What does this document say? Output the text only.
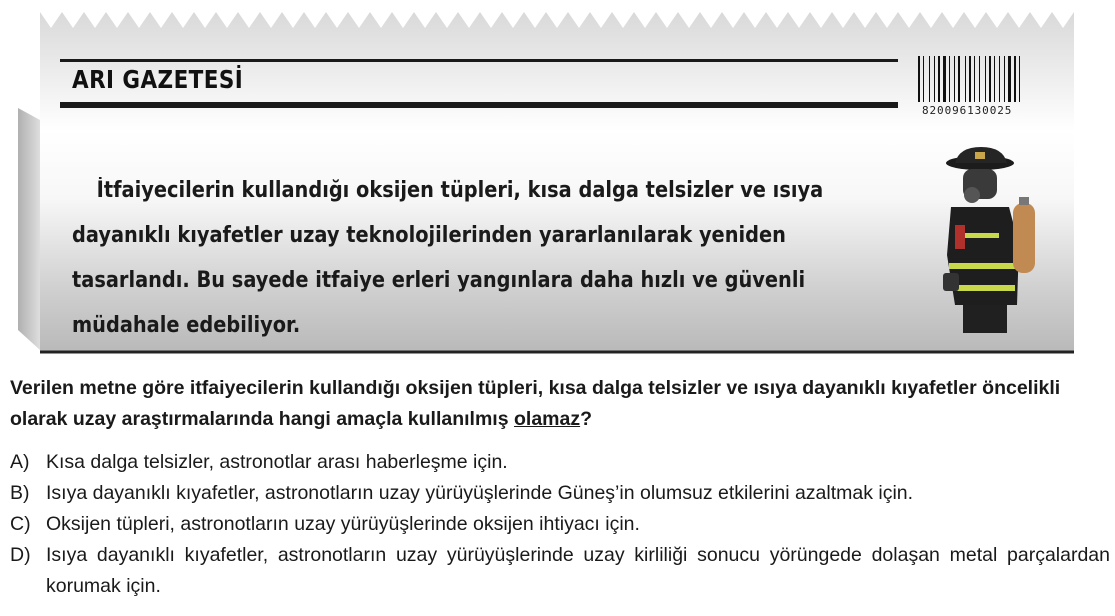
ARI GAZETESİ
820096130025

İtfaiyecilerin kullandığı oksijen tüpleri, kısa dalga telsizler ve ısıya dayanıklı kıyafetler uzay teknolojilerinden yararlanılarak yeniden tasarlandı. Bu sayede itfaiye erleri yangınlara daha hızlı ve güvenli müdahale edebiliyor.

Verilen metne göre itfaiyecilerin kullandığı oksijen tüpleri, kısa dalga telsizler ve ısıya dayanıklı kıyafetler öncelikli olarak uzay araştırmalarında hangi amaçla kullanılmış olamaz?

A) Kısa dalga telsizler, astronotlar arası haberleşme için.
B) Isıya dayanıklı kıyafetler, astronotların uzay yürüyüşlerinde Güneş’in olumsuz etkilerini azaltmak için.
C) Oksijen tüpleri, astronotların uzay yürüyüşlerinde oksijen ihtiyacı için.
D) Isıya dayanıklı kıyafetler, astronotların uzay yürüyüşlerinde uzay kirliliği sonucu yörüngede dolaşan metal parçalardan korumak için.
